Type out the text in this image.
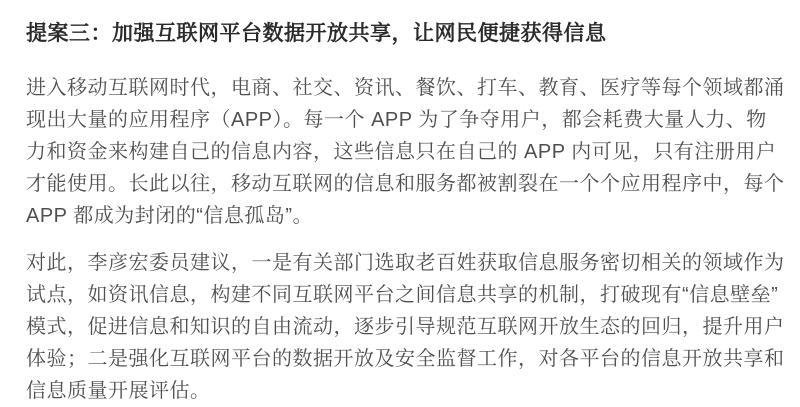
提案三：加强互联网平台数据开放共享，让网民便捷获得信息
进入移动互联网时代，电商、社交、资讯、餐饮、打车、教育、医疗等每个领域都涌
现出大量的应用程序（APP）。每一个 APP 为了争夺用户，都会耗费大量人力、物
力和资金来构建自己的信息内容，这些信息只在自己的 APP 内可见，只有注册用户
才能使用。长此以往，移动互联网的信息和服务都被割裂在一个个应用程序中，每个
APP 都成为封闭的“信息孤岛”。
对此，李彦宏委员建议，一是有关部门选取老百姓获取信息服务密切相关的领域作为
试点，如资讯信息，构建不同互联网平台之间信息共享的机制，打破现有“信息壁垒”
模式，促进信息和知识的自由流动，逐步引导规范互联网开放生态的回归，提升用户
体验；二是强化互联网平台的数据开放及安全监督工作，对各平台的信息开放共享和
信息质量开展评估。
